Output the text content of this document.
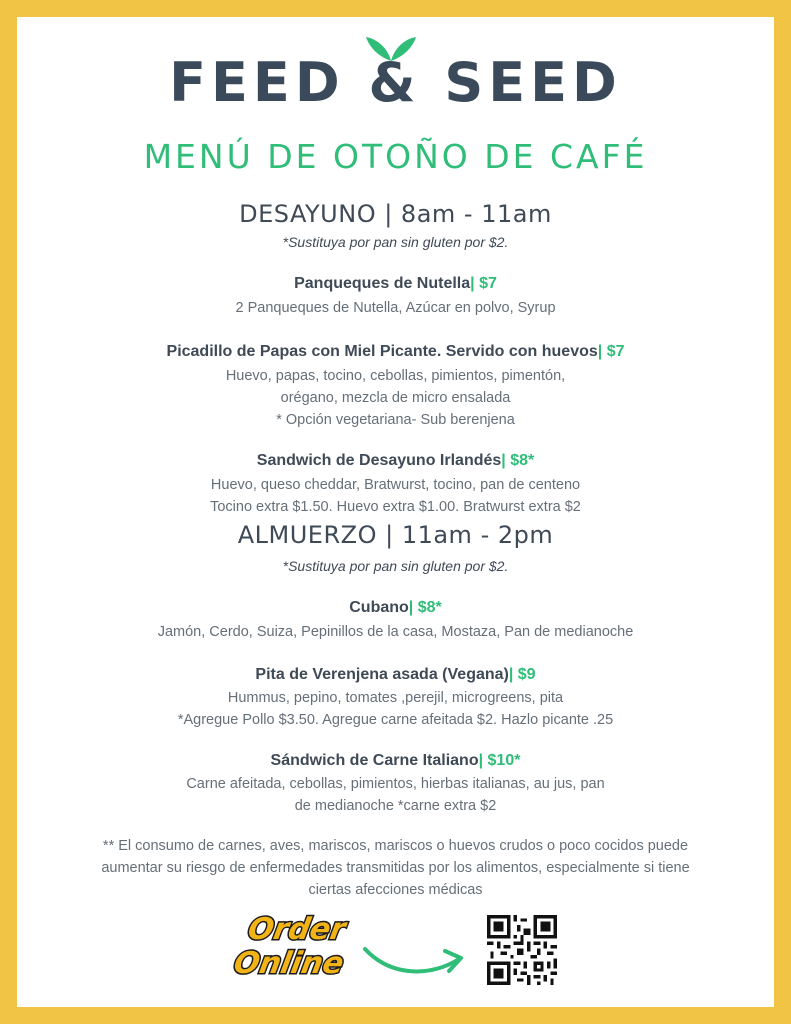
FEED & SEED
MENÚ DE OTOÑO DE CAFÉ
DESAYUNO | 8am - 11am
*Sustituya por pan sin gluten por $2.
Panqueques de Nutella| $7
2 Panqueques de Nutella, Azúcar en polvo, Syrup
Picadillo de Papas con Miel Picante. Servido con huevos| $7
Huevo, papas, tocino, cebollas, pimientos, pimentón,
orégano, mezcla de micro ensalada
* Opción vegetariana- Sub berenjena
Sandwich de Desayuno Irlandés| $8*
Huevo, queso cheddar, Bratwurst, tocino, pan de centeno
Tocino extra $1.50. Huevo extra $1.00. Bratwurst extra $2
ALMUERZO | 11am - 2pm
*Sustituya por pan sin gluten por $2.
Cubano| $8*
Jamón, Cerdo, Suiza, Pepinillos de la casa, Mostaza, Pan de medianoche
Pita de Verenjena asada (Vegana)| $9
Hummus, pepino, tomates ,perejil, microgreens, pita
*Agregue Pollo $3.50. Agregue carne afeitada $2. Hazlo picante .25
Sándwich de Carne Italiano| $10*
Carne afeitada, cebollas, pimientos, hierbas italianas, au jus, pan
de medianoche *carne extra $2
** El consumo de carnes, aves, mariscos, mariscos o huevos crudos o poco cocidos puede
aumentar su riesgo de enfermedades transmitidas por los alimentos, especialmente si tiene
ciertas afecciones médicas
Order
Online
